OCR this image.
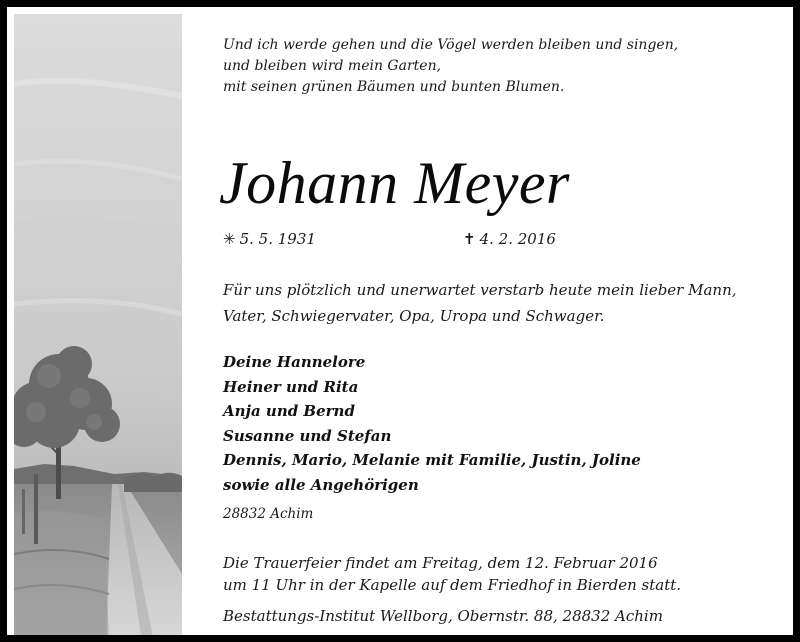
Und ich werde gehen und die Vögel werden bleiben und singen,
und bleiben wird mein Garten,
mit seinen grünen Bäumen und bunten Blumen.
Johann Meyer
✳ 5. 5. 1931	✝ 4. 2. 2016
Für uns plötzlich und unerwartet verstarb heute mein lieber Mann,
Vater, Schwiegervater, Opa, Uropa und Schwager.
Deine Hannelore
Heiner und Rita
Anja und Bernd
Susanne und Stefan
Dennis, Mario, Melanie mit Familie, Justin, Joline
sowie alle Angehörigen
28832 Achim
Die Trauerfeier findet am Freitag, dem 12. Februar 2016
um 11 Uhr in der Kapelle auf dem Friedhof in Bierden statt.
Bestattungs-Institut Wellborg, Obernstr. 88, 28832 Achim
